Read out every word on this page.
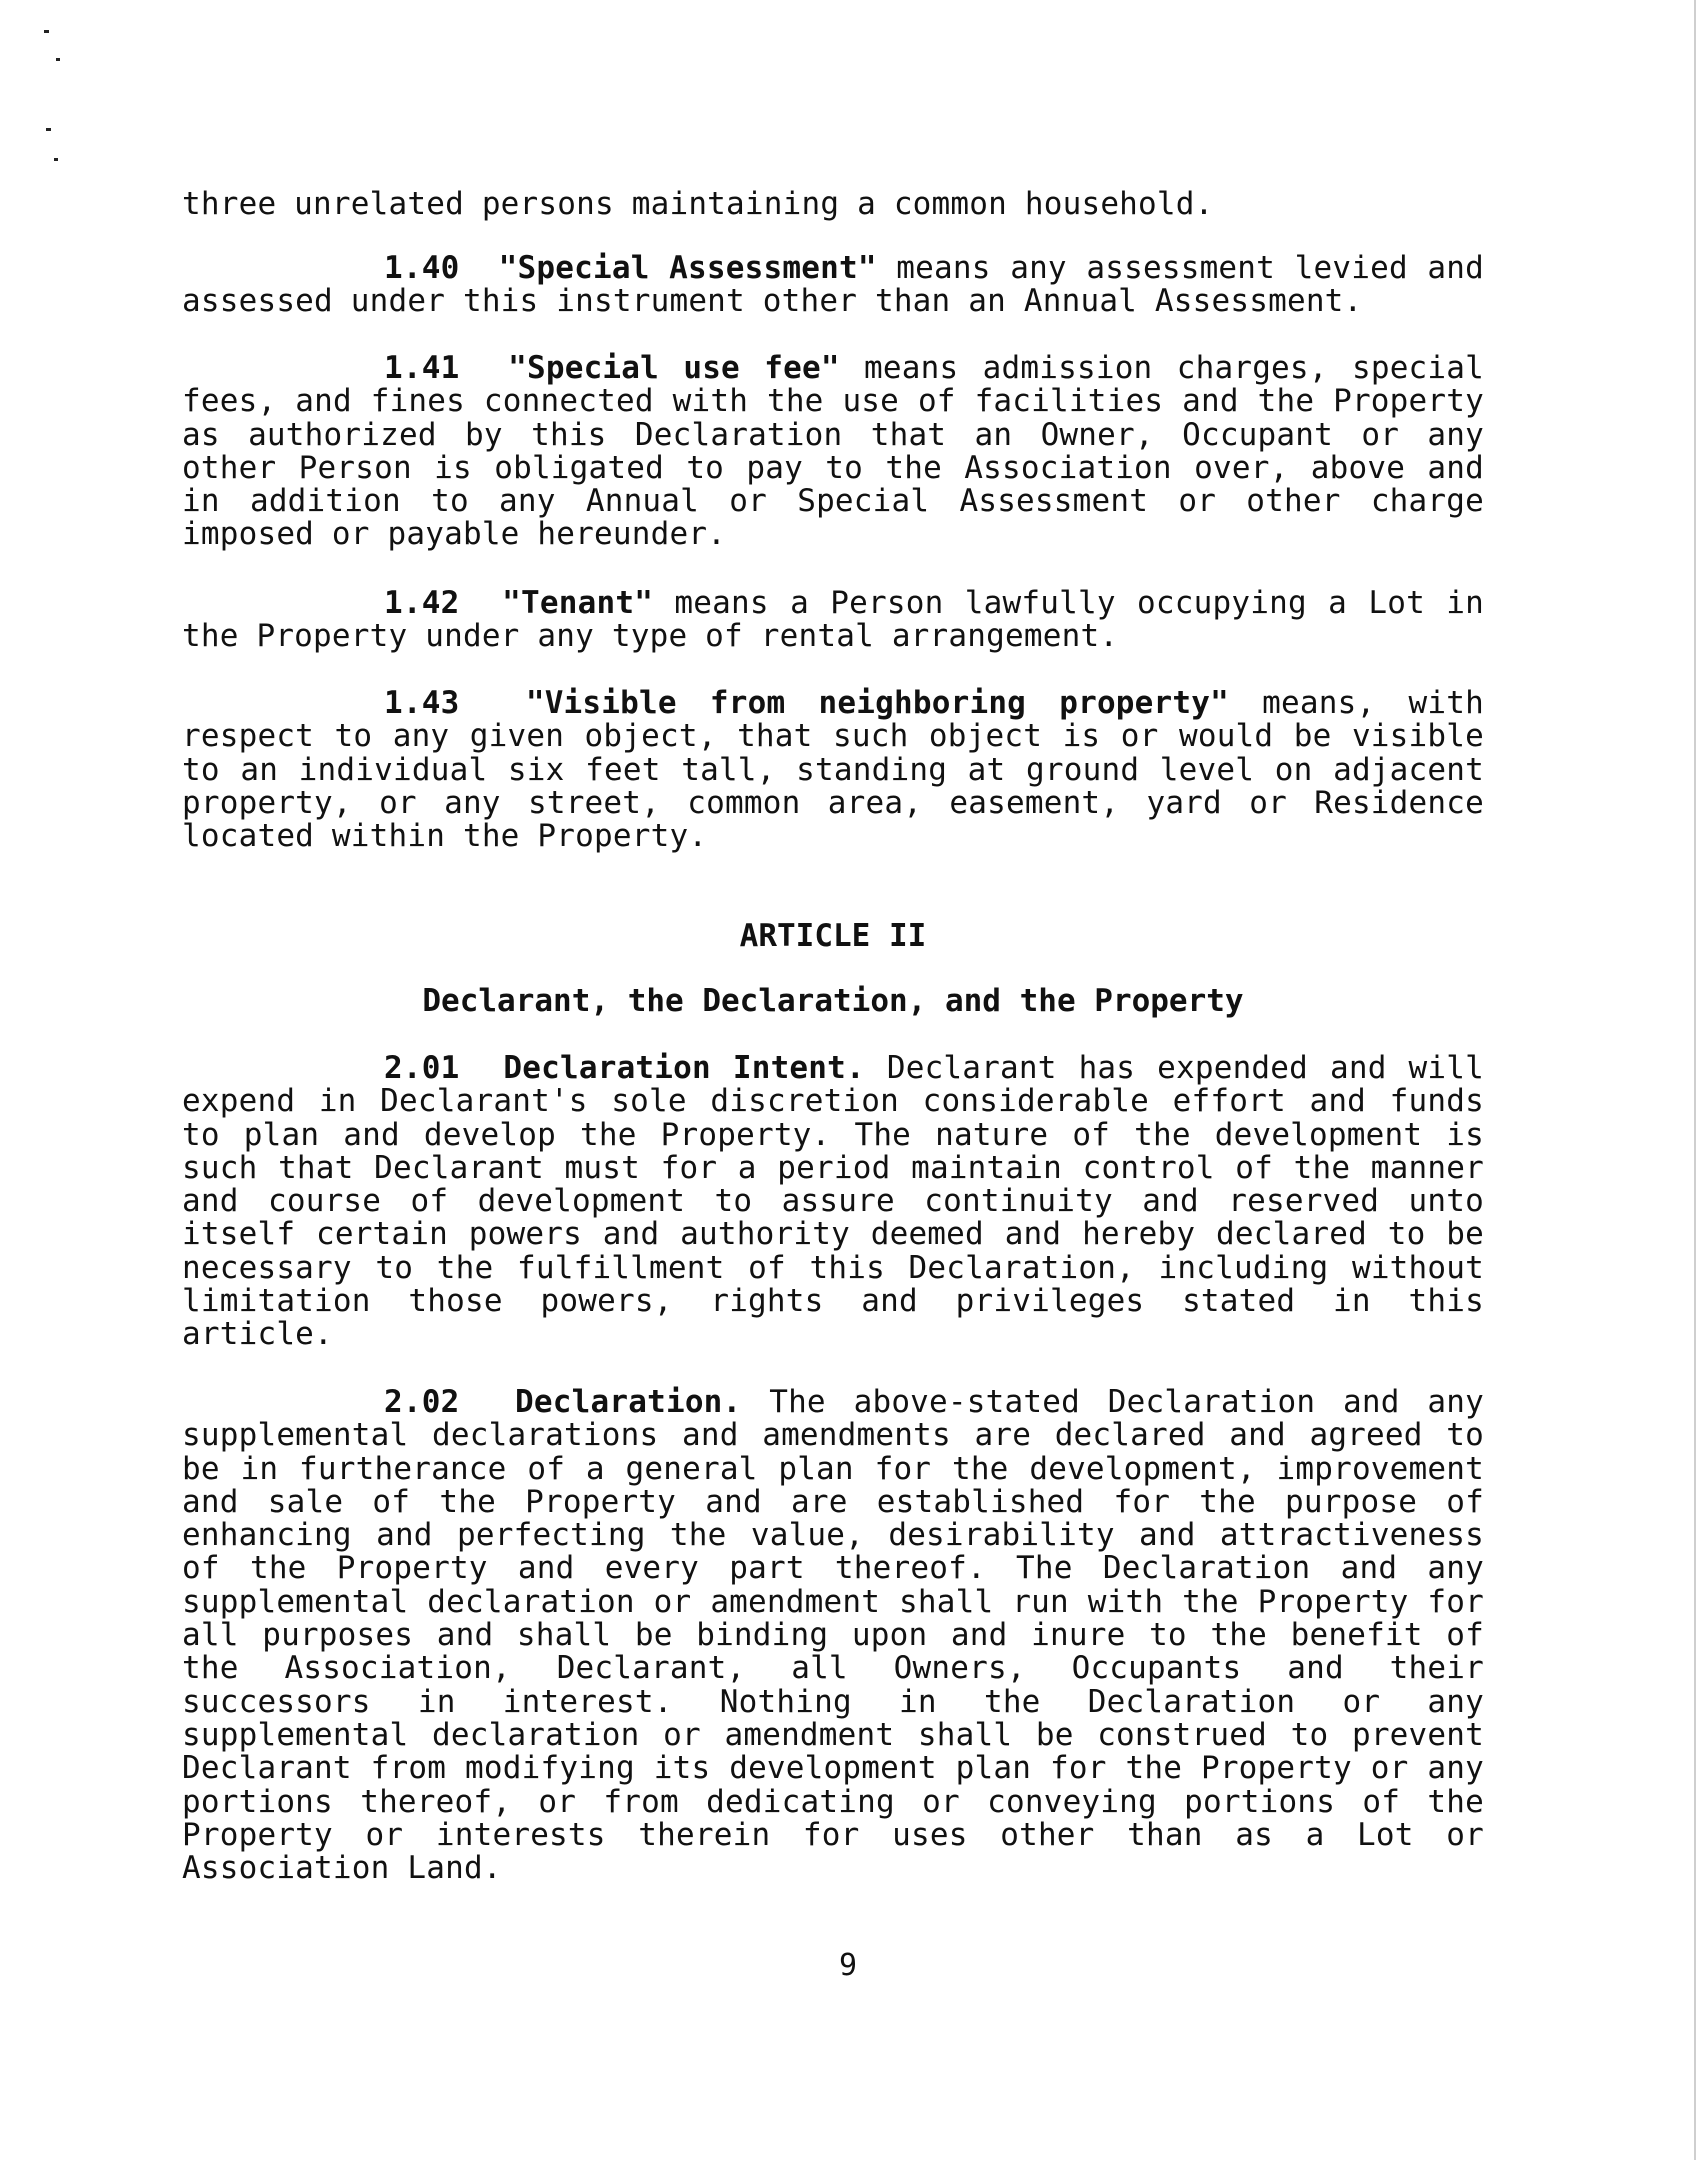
three unrelated persons maintaining a common household.
1.40 "Special Assessment" means any assessment levied and assessed under this instrument other than an Annual Assessment.
1.41 "Special use fee" means admission charges, special fees, and fines connected with the use of facilities and the Property as authorized by this Declaration that an Owner, Occupant or any other Person is obligated to pay to the Association over, above and in addition to any Annual or Special Assessment or other charge imposed or payable hereunder.
1.42 "Tenant" means a Person lawfully occupying a Lot in the Property under any type of rental arrangement.
1.43 "Visible from neighboring property" means, with respect to any given object, that such object is or would be visible to an individual six feet tall, standing at ground level on adjacent property, or any street, common area, easement, yard or Residence located within the Property.
ARTICLE II
Declarant, the Declaration, and the Property
2.01 Declaration Intent. Declarant has expended and will expend in Declarant's sole discretion considerable effort and funds to plan and develop the Property. The nature of the development is such that Declarant must for a period maintain control of the manner and course of development to assure continuity and reserved unto itself certain powers and authority deemed and hereby declared to be necessary to the fulfillment of this Declaration, including without limitation those powers, rights and privileges stated in this article.
2.02 Declaration. The above-stated Declaration and any supplemental declarations and amendments are declared and agreed to be in furtherance of a general plan for the development, improvement and sale of the Property and are established for the purpose of enhancing and perfecting the value, desirability and attractiveness of the Property and every part thereof. The Declaration and any supplemental declaration or amendment shall run with the Property for all purposes and shall be binding upon and inure to the benefit of the Association, Declarant, all Owners, Occupants and their successors in interest. Nothing in the Declaration or any supplemental declaration or amendment shall be construed to prevent Declarant from modifying its development plan for the Property or any portions thereof, or from dedicating or conveying portions of the Property or interests therein for uses other than as a Lot or Association Land.
9
